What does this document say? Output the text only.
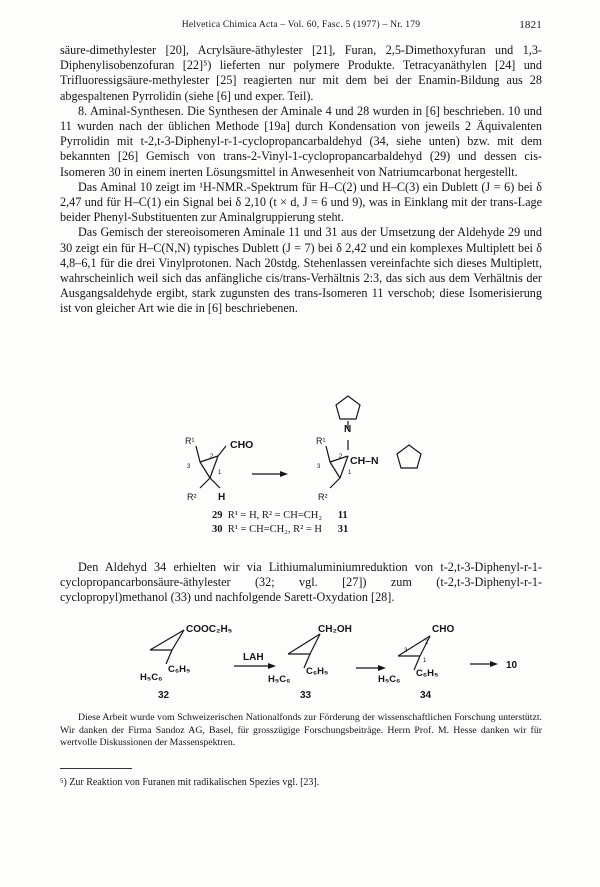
Helvetica Chimica Acta – Vol. 60, Fasc. 5 (1977) – Nr. 179	1821

säure-dimethylester [20], Acrylsäure-äthylester [21], Furan, 2,5-Dimethoxyfuran und 1,3-Diphenylisobenzofuran [22]⁵) lieferten nur polymere Produkte. Tetracyanäthylen [24] und Trifluoressigsäure-methylester [25] reagierten nur mit dem bei der Enamin-Bildung aus 28 abgespaltenen Pyrrolidin (siehe [6] und exper. Teil).

8. Aminal-Synthesen. Die Synthesen der Aminale 4 und 28 wurden in [6] beschrieben. 10 und 11 wurden nach der üblichen Methode [19a] durch Kondensation von jeweils 2 Äquivalenten Pyrrolidin mit t-2,t-3-Diphenyl-r-1-cyclopropancarbaldehyd (34, siehe unten) bzw. mit dem bekannten [26] Gemisch von trans-2-Vinyl-1-cyclopropancarbaldehyd (29) und dessen cis-Isomeren 30 in einem inerten Lösungsmittel in Anwesenheit von Natriumcarbonat hergestellt.

Das Aminal 10 zeigt im ¹H-NMR.-Spektrum für H–C(2) und H–C(3) ein Dublett (J = 6) bei δ 2,47 und für H–C(1) ein Signal bei δ 2,10 (t × d, J = 6 und 9), was in Einklang mit der trans-Lage beider Phenyl-Substituenten zur Aminalgruppierung steht.

Das Gemisch der stereoisomeren Aminale 11 und 31 aus der Umsetzung der Aldehyde 29 und 30 zeigt ein für H–C(N,N) typisches Dublett (J = 7) bei δ 2,42 und ein komplexes Multiplett bei δ 4,8–6,1 für die drei Vinylprotonen. Nach 20stdg. Stehenlassen vereinfachte sich dieses Multiplett, wahrscheinlich weil sich das anfängliche cis/trans-Verhältnis 2:3, das sich aus dem Verhältnis der Ausgangsaldehyde ergibt, stark zugunsten des trans-Isomeren 11 verschob; diese Isomerisierung ist von gleicher Art wie die in [6] beschriebenen.

R¹	CHO
2
3
1
R² H
N
R¹
CH–N
2
3
1
R²
29 R¹ = H, R² = CH=CH₂ 11
30 R¹ = CH=CH₂, R² = H 31

Den Aldehyd 34 erhielten wir via Lithiumaluminiumreduktion von t-2,t-3-Diphenyl-r-1-cyclopropancarbonsäure-äthylester (32; vgl. [27]) zum (t-2,t-3-Diphenyl-r-1-cyclopropyl)methanol (33) und nachfolgende Sarett-Oxydation [28].

COOC₂H₅
C₆H₅
H₅C₆
32
LAH
CH₂OH
C₆H₅
H₅C₆
33
CHO
2
3
1
C₆H₅
H₅C₆
34
10
Diese Arbeit wurde vom Schweizerischen Nationalfonds zur Förderung der wissenschaftlichen Forschung unterstützt. Wir danken der Firma Sandoz AG, Basel, für grosszügige Forschungsbeiträge. Herrn Prof. M. Hesse danken wir für wertvolle Diskussionen der Massenspektren.
⁵) Zur Reaktion von Furanen mit radikalischen Spezies vgl. [23].
